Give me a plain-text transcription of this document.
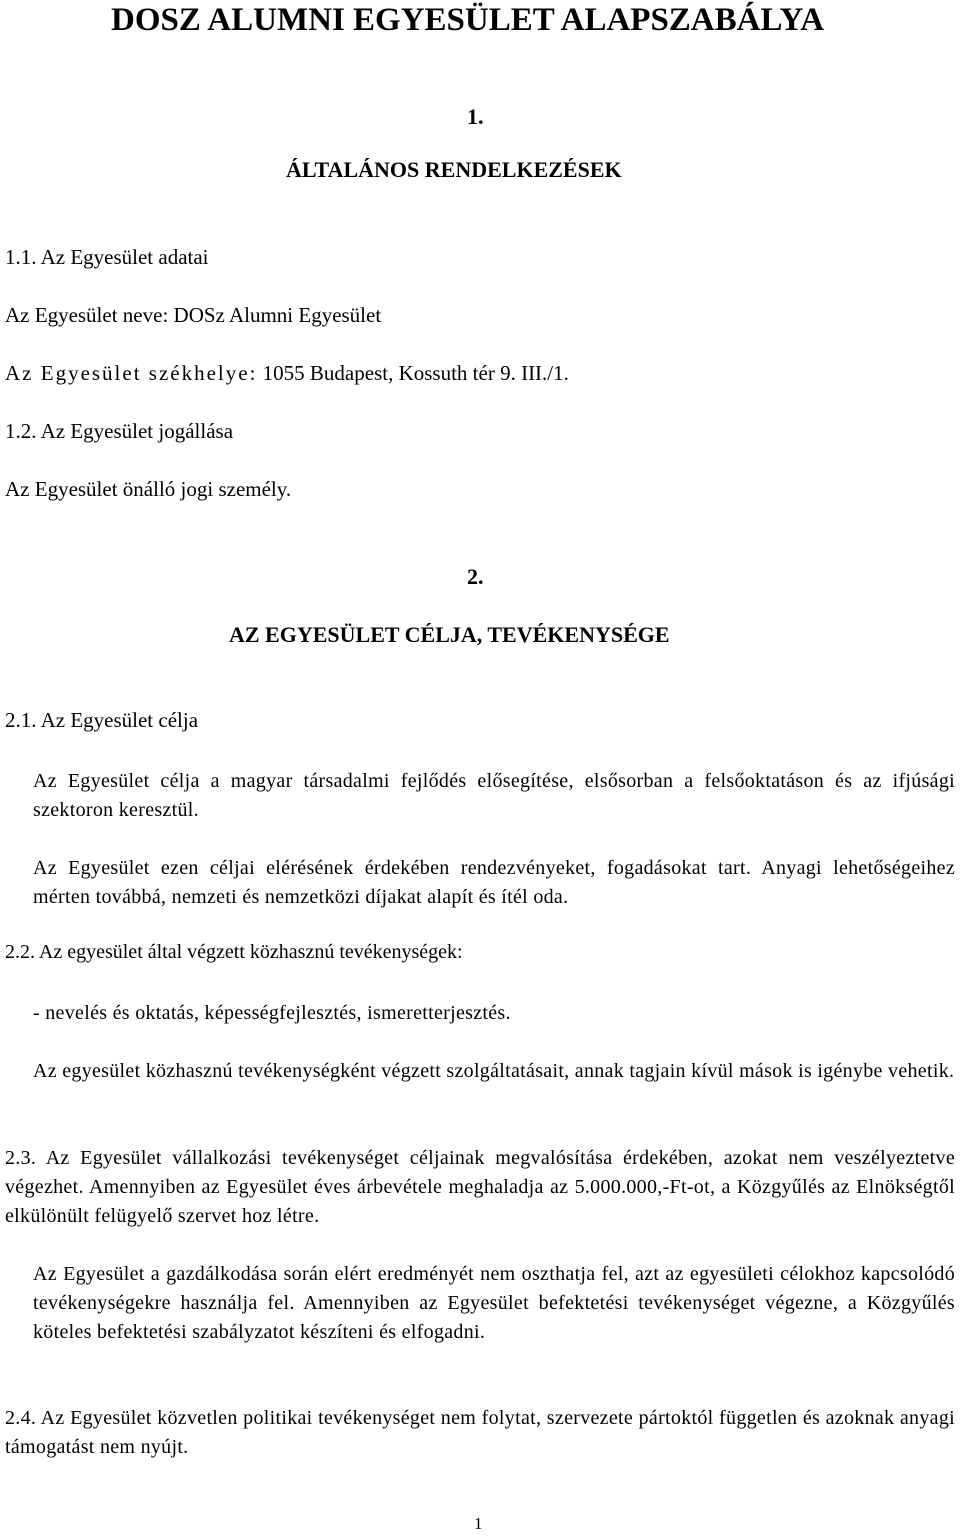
DOSZ ALUMNI EGYESÜLET ALAPSZABÁLYA
1.
ÁLTALÁNOS RENDELKEZÉSEK
1.1. Az Egyesület adatai
Az Egyesület neve: DOSz Alumni Egyesület
Az Egyesület székhelye: 1055 Budapest, Kossuth tér 9. III./1.
1.2. Az Egyesület jogállása
Az Egyesület önálló jogi személy.
2.
AZ EGYESÜLET CÉLJA, TEVÉKENYSÉGE
2.1. Az Egyesület célja
Az Egyesület célja a magyar társadalmi fejlődés elősegítése, elsősorban a felsőoktatáson és az ifjúsági szektoron keresztül.
Az Egyesület ezen céljai elérésének érdekében rendezvényeket, fogadásokat tart. Anyagi lehetőségeihez mérten továbbá, nemzeti és nemzetközi díjakat alapít és ítél oda.
2.2. Az egyesület által végzett közhasznú tevékenységek:
- nevelés és oktatás, képességfejlesztés, ismeretterjesztés.
Az egyesület közhasznú tevékenységként végzett szolgáltatásait, annak tagjain kívül mások is igénybe vehetik.
2.3. Az Egyesület vállalkozási tevékenységet céljainak megvalósítása érdekében, azokat nem veszélyeztetve végezhet. Amennyiben az Egyesület éves árbevétele meghaladja az 5.000.000,-Ft-ot, a Közgyűlés az Elnökségtől elkülönült felügyelő szervet hoz létre.
Az Egyesület a gazdálkodása során elért eredményét nem oszthatja fel, azt az egyesületi célokhoz kapcsolódó tevékenységekre használja fel. Amennyiben az Egyesület befektetési tevékenységet végezne, a Közgyűlés köteles befektetési szabályzatot készíteni és elfogadni.
2.4. Az Egyesület közvetlen politikai tevékenységet nem folytat, szervezete pártoktól független és azoknak anyagi támogatást nem nyújt.
1
